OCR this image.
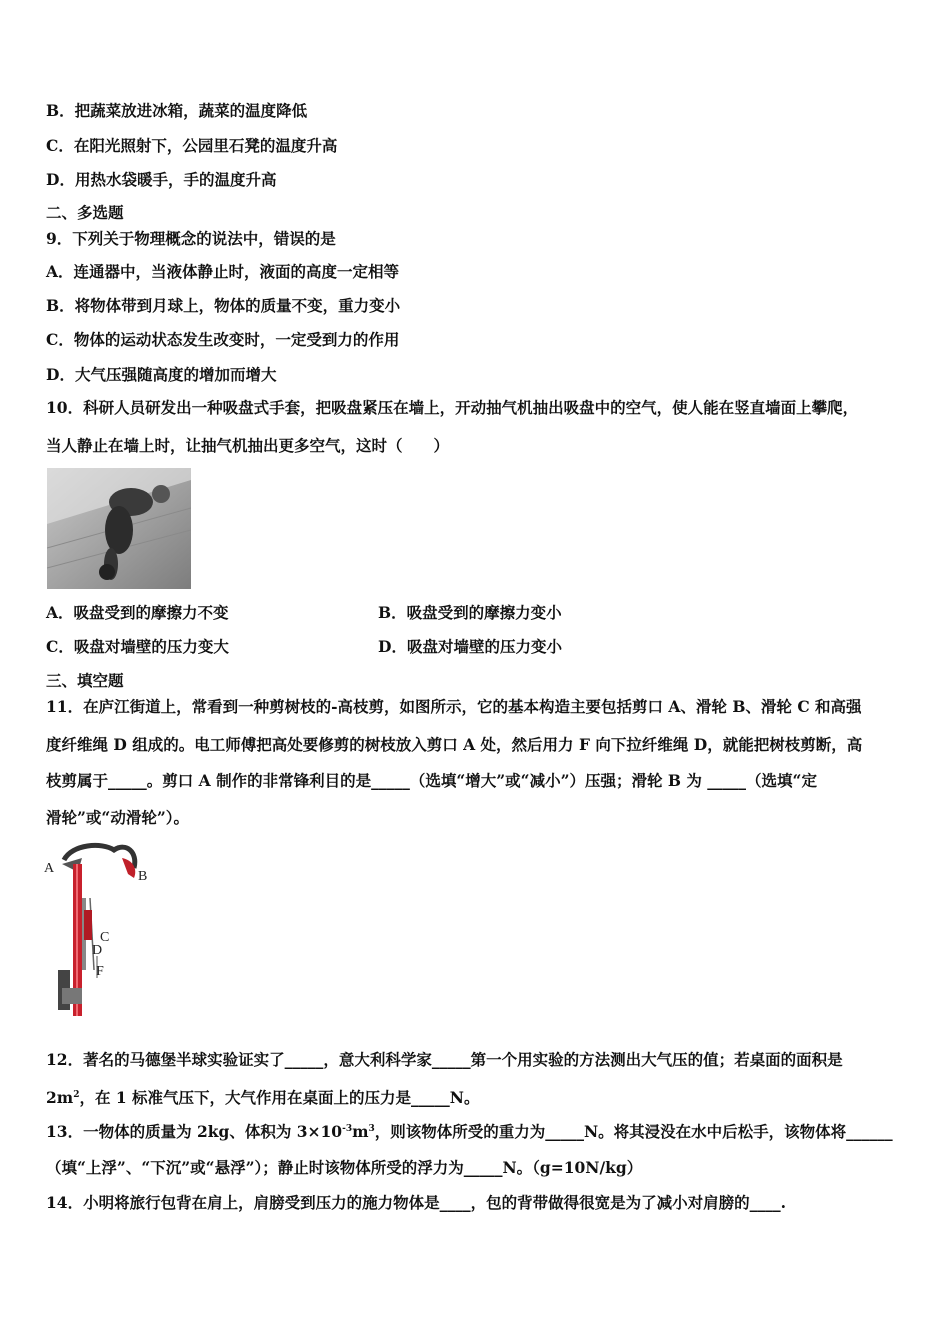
B．把蔬菜放进冰箱，蔬菜的温度降低
C．在阳光照射下，公园里石凳的温度升高
D．用热水袋暖手，手的温度升高
二、多选题
9．下列关于物理概念的说法中，错误的是
A．连通器中，当液体静止时，液面的高度一定相等
B．将物体带到月球上，物体的质量不变，重力变小
C．物体的运动状态发生改变时，一定受到力的作用
D．大气压强随高度的增加而增大
10．科研人员研发出一种吸盘式手套，把吸盘紧压在墙上，开动抽气机抽出吸盘中的空气，使人能在竖直墙面上攀爬，
当人静止在墙上时，让抽气机抽出更多空气，这时（　　）
A．吸盘受到的摩擦力不变	B．吸盘受到的摩擦力变小
C．吸盘对墙壁的压力变大	D．吸盘对墙壁的压力变小
三、填空题
11．在庐江街道上，常看到一种剪树枝的-高枝剪，如图所示，它的基本构造主要包括剪口 A、滑轮 B、滑轮 C 和高强
度纤维绳 D 组成的。电工师傅把高处要修剪的树枝放入剪口 A 处，然后用力 F 向下拉纤维绳 D，就能把树枝剪断，高
枝剪属于_____。剪口 A 制作的非常锋利目的是_____（选填“增大”或“减小”）压强；滑轮 B 为 _____（选填“定
滑轮”或“动滑轮”）。
A
B
C
D
F
12．著名的马德堡半球实验证实了_____，意大利科学家_____第一个用实验的方法测出大气压的值；若桌面的面积是
$2m^2$，在 1 标准气压下，大气作用在桌面上的压力是_____N。
13．一物体的质量为 2kg、体积为 $3\times 10^{-3}m^3$，则该物体所受的重力为_____N。将其浸没在水中后松手，该物体将______
（填“上浮”、“下沉”或“悬浮”）；静止时该物体所受的浮力为_____N。（g=10N/kg）
14．小明将旅行包背在肩上，肩膀受到压力的施力物体是____，包的背带做得很宽是为了减小对肩膀的____.
